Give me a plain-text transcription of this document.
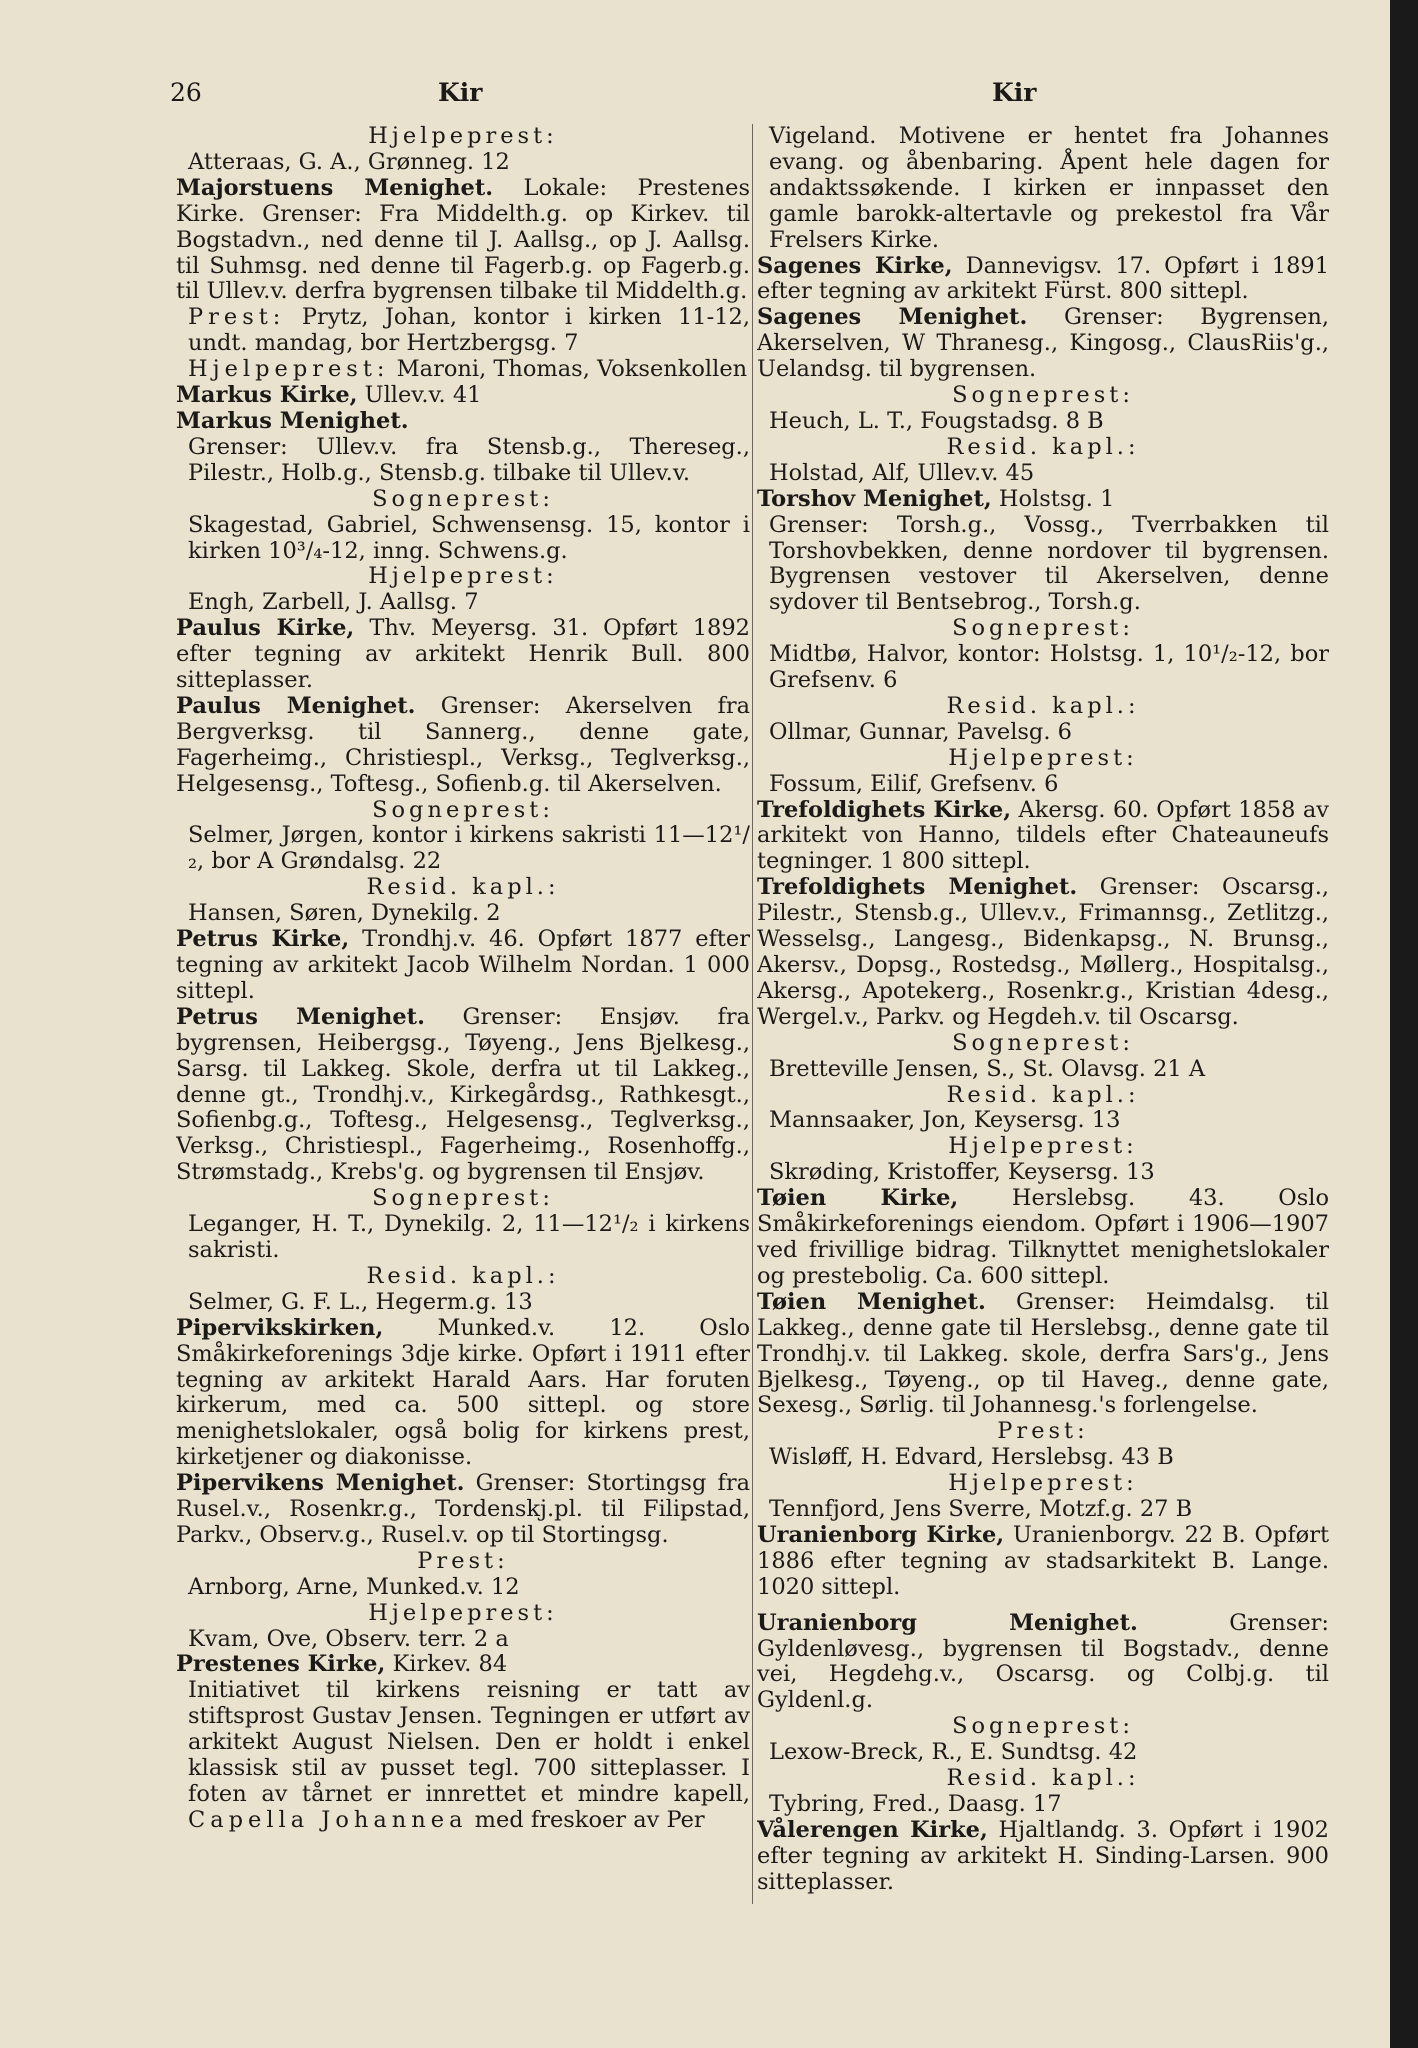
26	Kir	Kir
Hjelpeprest:
Atteraas, G. A., Grønneg. 12
Majorstuens Menighet. Lokale: Prestenes Kirke. Grenser: Fra Middelth.g. op Kirkev. til Bogstadvn., ned denne til J. Aallsg., op J. Aallsg. til Suhmsg. ned denne til Fagerb.g. op Fagerb.g. til Ullev.v. derfra bygrensen tilbake til Middelth.g.
Prest: Prytz, Johan, kontor i kirken 11-12, undt. mandag, bor Hertzbergsg. 7
Hjelpeprest: Maroni, Thomas, Voksenkollen
Markus Kirke, Ullev.v. 41
Markus Menighet.
Grenser: Ullev.v. fra Stensb.g., Thereseg., Pilestr., Holb.g., Stensb.g. tilbake til Ullev.v.
Sogneprest:
Skagestad, Gabriel, Schwensensg. 15, kontor i kirken 10³/₄-12, inng. Schwens.g.
Hjelpeprest:
Engh, Zarbell, J. Aallsg. 7
Paulus Kirke, Thv. Meyersg. 31. Opført 1892 efter tegning av arkitekt Henrik Bull. 800 sitteplasser.
Paulus Menighet. Grenser: Akerselven fra Bergverksg. til Sannerg., denne gate, Fagerheimg., Christiespl., Verksg., Teglverksg., Helgesensg., Toftesg., Sofienb.g. til Akerselven.
Sogneprest:
Selmer, Jørgen, kontor i kirkens sakristi 11—12¹/₂, bor A Grøndalsg. 22
Resid. kapl.:
Hansen, Søren, Dynekilg. 2
Petrus Kirke, Trondhj.v. 46. Opført 1877 efter tegning av arkitekt Jacob Wilhelm Nordan. 1 000 sittepl.
Petrus Menighet. Grenser: Ensjøv. fra bygrensen, Heibergsg., Tøyeng., Jens Bjelkesg., Sarsg. til Lakkeg. Skole, derfra ut til Lakkeg., denne gt., Trondhj.v., Kirkegårdsg., Rathkesgt., Sofienbg.g., Toftesg., Helgesensg., Teglverksg., Verksg., Christiespl., Fagerheimg., Rosenhoffg., Strømstadg., Krebs'g. og bygrensen til Ensjøv.
Sogneprest:
Leganger, H. T., Dynekilg. 2, 11—12¹/₂ i kirkens sakristi.
Resid. kapl.:
Selmer, G. F. L., Hegerm.g. 13
Pipervikskirken, Munked.v. 12. Oslo Småkirkeforenings 3dje kirke. Opført i 1911 efter tegning av arkitekt Harald Aars. Har foruten kirkerum, med ca. 500 sittepl. og store menighetslokaler, også bolig for kirkens prest, kirketjener og diakonisse.
Pipervikens Menighet. Grenser: Stortingsg fra Rusel.v., Rosenkr.g., Tordenskj.pl. til Filipstad, Parkv., Observ.g., Rusel.v. op til Stortingsg.
Prest:
Arnborg, Arne, Munked.v. 12
Hjelpeprest:
Kvam, Ove, Observ. terr. 2 a
Prestenes Kirke, Kirkev. 84
Initiativet til kirkens reisning er tatt av stiftsprost Gustav Jensen. Tegningen er utført av arkitekt August Nielsen. Den er holdt i enkel klassisk stil av pusset tegl. 700 sitteplasser. I foten av tårnet er innrettet et mindre kapell, Capella Johannea med freskoer av Per
Vigeland. Motivene er hentet fra Johannes evang. og åbenbaring. Åpent hele dagen for andaktssøkende. I kirken er innpasset den gamle barokk-altertavle og prekestol fra Vår Frelsers Kirke.
Sagenes Kirke, Dannevigsv. 17. Opført i 1891 efter tegning av arkitekt Fürst. 800 sittepl.
Sagenes Menighet. Grenser: Bygrensen, Akerselven, W Thranesg., Kingosg., ClausRiis'g., Uelandsg. til bygrensen.
Sogneprest:
Heuch, L. T., Fougstadsg. 8 B
Resid. kapl.:
Holstad, Alf, Ullev.v. 45
Torshov Menighet, Holstsg. 1
Grenser: Torsh.g., Vossg., Tverrbakken til Torshovbekken, denne nordover til bygrensen. Bygrensen vestover til Akerselven, denne sydover til Bentsebrog., Torsh.g.
Sogneprest:
Midtbø, Halvor, kontor: Holstsg. 1, 10¹/₂-12, bor Grefsenv. 6
Resid. kapl.:
Ollmar, Gunnar, Pavelsg. 6
Hjelpeprest:
Fossum, Eilif, Grefsenv. 6
Trefoldighets Kirke, Akersg. 60. Opført 1858 av arkitekt von Hanno, tildels efter Chateauneufs tegninger. 1 800 sittepl.
Trefoldighets Menighet. Grenser: Oscarsg., Pilestr., Stensb.g., Ullev.v., Frimannsg., Zetlitzg., Wesselsg., Langesg., Bidenkapsg., N. Brunsg., Akersv., Dopsg., Rostedsg., Møllerg., Hospitalsg., Akersg., Apotekerg., Rosenkr.g., Kristian 4desg., Wergel.v., Parkv. og Hegdeh.v. til Oscarsg.
Sogneprest:
Bretteville Jensen, S., St. Olavsg. 21 A
Resid. kapl.:
Mannsaaker, Jon, Keysersg. 13
Hjelpeprest:
Skrøding, Kristoffer, Keysersg. 13
Tøien Kirke, Herslebsg. 43. Oslo Småkirkeforenings eiendom. Opført i 1906—1907 ved frivillige bidrag. Tilknyttet menighetslokaler og prestebolig. Ca. 600 sittepl.
Tøien Menighet. Grenser: Heimdalsg. til Lakkeg., denne gate til Herslebsg., denne gate til Trondhj.v. til Lakkeg. skole, derfra Sars'g., Jens Bjelkesg., Tøyeng., op til Haveg., denne gate, Sexesg., Sørlig. til Johannesg.'s forlengelse.
Prest:
Wisløff, H. Edvard, Herslebsg. 43 B
Hjelpeprest:
Tennfjord, Jens Sverre, Motzf.g. 27 B
Uranienborg Kirke, Uranienborgv. 22 B. Opført 1886 efter tegning av stadsarkitekt B. Lange. 1020 sittepl.
Uranienborg Menighet.	Grenser: Gyldenløvesg., bygrensen til Bogstadv., denne vei, Hegdehg.v., Oscarsg. og Colbj.g. til Gyldenl.g.
Sogneprest:
Lexow-Breck, R., E. Sundtsg. 42
Resid. kapl.:
Tybring, Fred., Daasg. 17
Vålerengen Kirke, Hjaltlandg. 3. Opført i 1902 efter tegning av arkitekt H. Sinding-Larsen. 900 sitteplasser.
